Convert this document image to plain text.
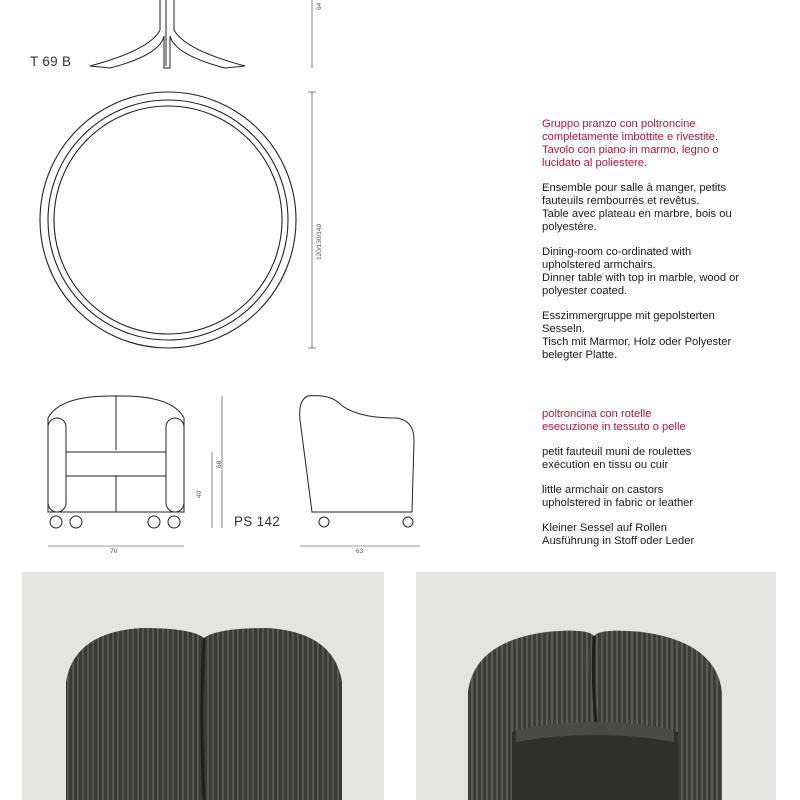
T 69 B
64
120/130/140
70	63
68
40
PS 142

Gruppo pranzo con poltroncine
completamente imbottite e rivestite.
Tavolo con piano in marmo, legno o
lucidato al poliestere.

Ensemble pour salle à manger, petits
fauteuils rembourrés et revêtus.
Table avec plateau en marbre, bois ou
polyestère.

Dining-room co-ordinated with
upholstered armchairs.
Dinner table with top in marble, wood or
polyester coated.

Esszimmergruppe mit gepolsterten
Sesseln.
Tisch mit Marmor, Holz oder Polyester
belegter Platte.

poltroncina con rotelle
esecuzione in tessuto o pelle

petit fauteuil muni de roulettes
exécution en tissu ou cuir

little armchair on castors
upholstered in fabric or leather

Kleiner Sessel auf Rollen
Ausführung in Stoff oder Leder
